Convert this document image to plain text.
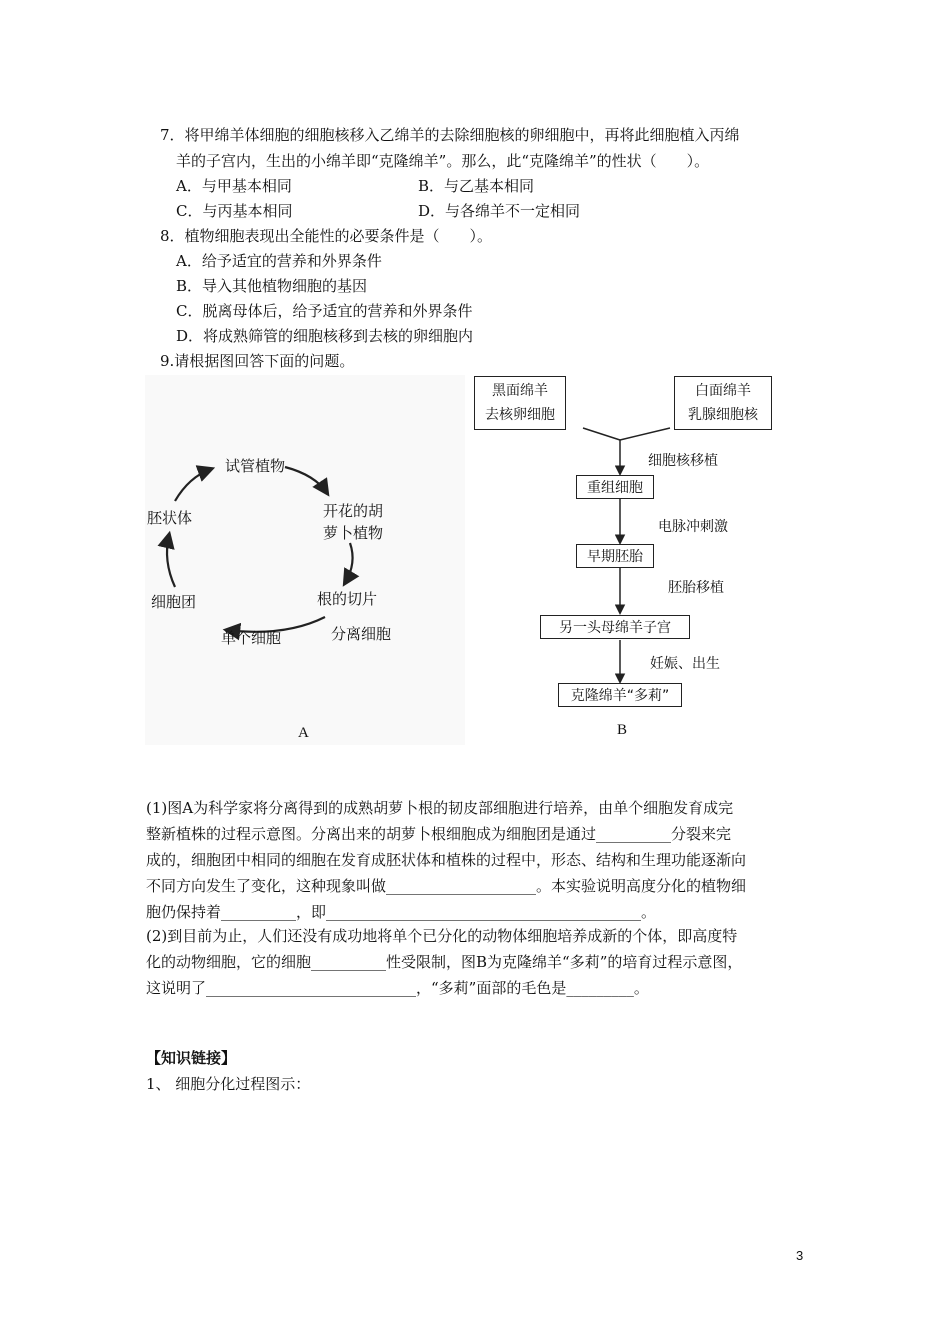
7．将甲绵羊体细胞的细胞核移入乙绵羊的去除细胞核的卵细胞中，再将此细胞植入丙绵
羊的子宫内，生出的小绵羊即“克隆绵羊”。那么，此“克隆绵羊”的性状（　　）。
A．与甲基本相同	B．与乙基本相同
C．与丙基本相同	D．与各绵羊不一定相同
8．植物细胞表现出全能性的必要条件是（　　）。
A．给予适宜的营养和外界条件
B．导入其他植物细胞的基因
C．脱离母体后，给予适宜的营养和外界条件
D．将成熟筛管的细胞核移到去核的卵细胞内
9.请根据图回答下面的问题。
试管植物
开花的胡
萝卜植物
根的切片
分离细胞
单个细胞
细胞团
胚状体
A
黑面绵羊
去核卵细胞
白面绵羊
乳腺细胞核
细胞核移植
重组细胞
电脉冲刺激
早期胚胎
胚胎移植
另一头母绵羊子宫
妊娠、出生
克隆绵羊“多莉”
B
(1)图A为科学家将分离得到的成熟胡萝卜根的韧皮部细胞进行培养，由单个细胞发育成完
整新植株的过程示意图。分离出来的胡萝卜根细胞成为细胞团是通过__________分裂来完
成的，细胞团中相同的细胞在发育成胚状体和植株的过程中，形态、结构和生理功能逐渐向
不同方向发生了变化，这种现象叫做____________________。本实验说明高度分化的植物细
胞仍保持着__________，即__________________________________________。
(2)到目前为止，人们还没有成功地将单个已分化的动物体细胞培养成新的个体，即高度特
化的动物细胞，它的细胞__________性受限制，图B为克隆绵羊“多莉”的培育过程示意图，
这说明了____________________________，“多莉”面部的毛色是_________。
【知识链接】
1、 细胞分化过程图示：
3
